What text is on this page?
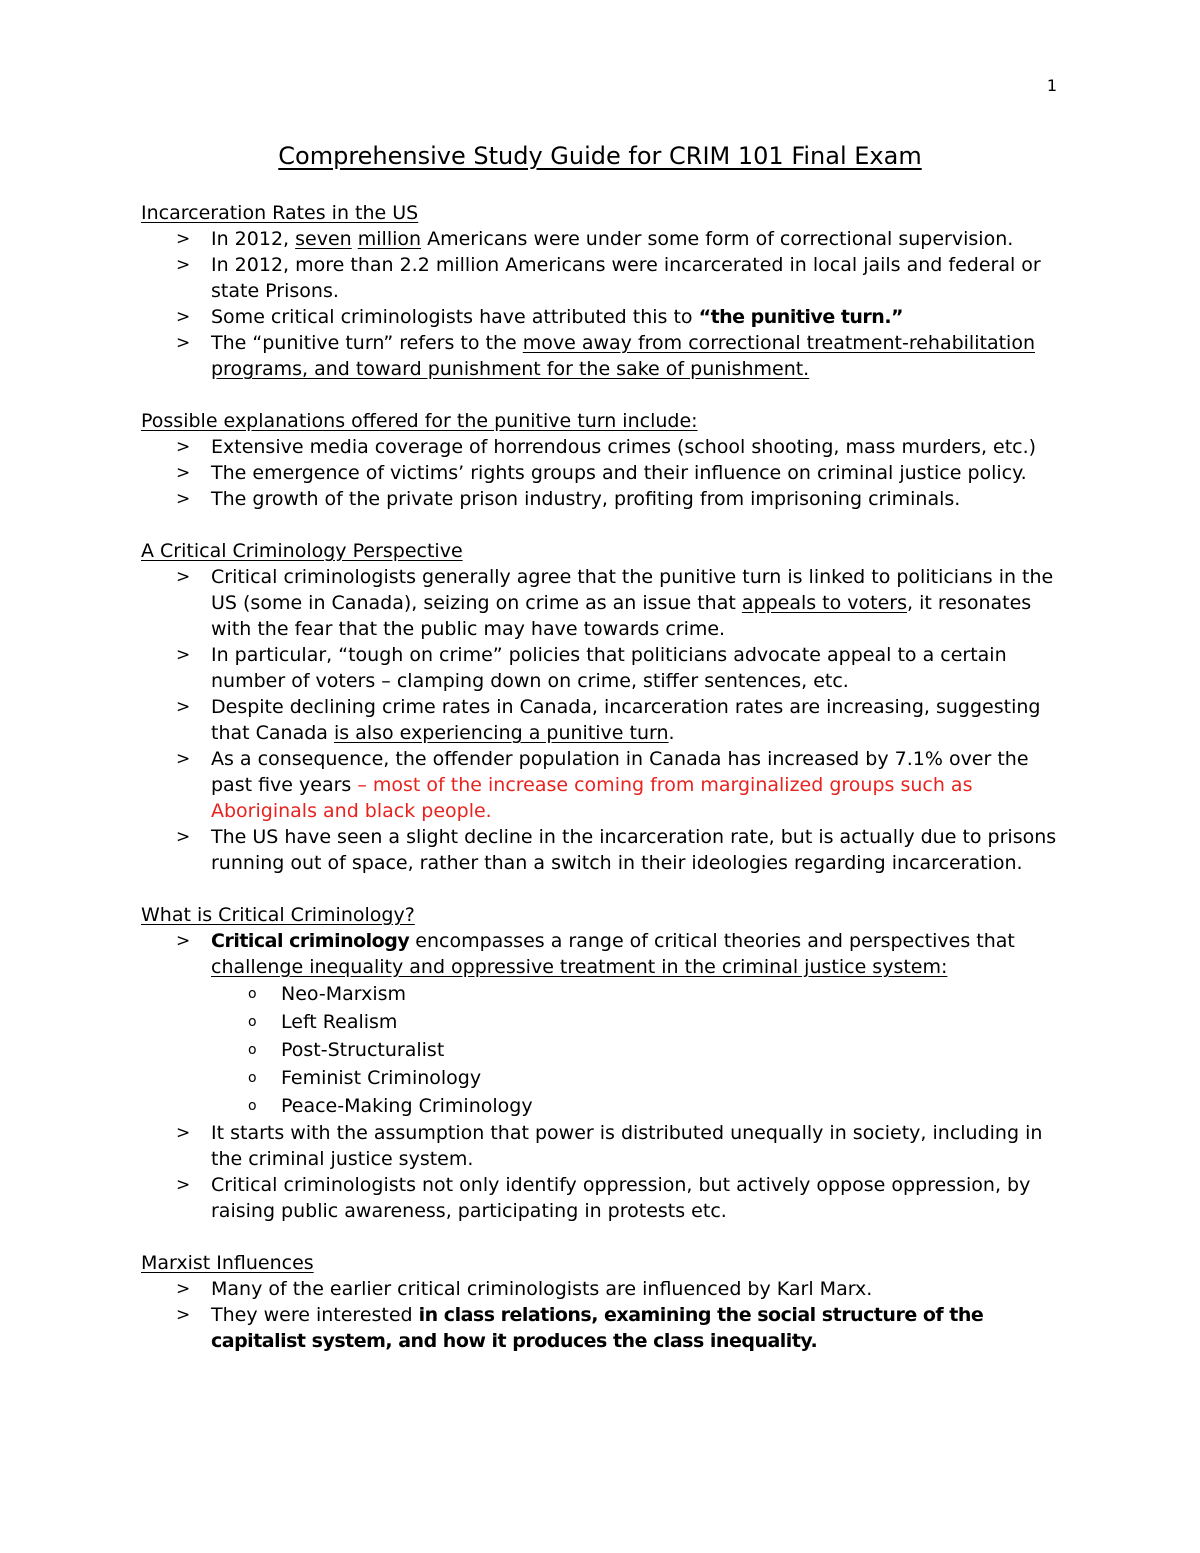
1
Comprehensive Study Guide for CRIM 101 Final Exam
Incarceration Rates in the US
> In 2012, seven million Americans were under some form of correctional supervision.
> In 2012, more than 2.2 million Americans were incarcerated in local jails and federal or state Prisons.
> Some critical criminologists have attributed this to “the punitive turn.”
> The “punitive turn” refers to the move away from correctional treatment-rehabilitation programs, and toward punishment for the sake of punishment.
Possible explanations offered for the punitive turn include:
> Extensive media coverage of horrendous crimes (school shooting, mass murders, etc.)
> The emergence of victims’ rights groups and their influence on criminal justice policy.
> The growth of the private prison industry, profiting from imprisoning criminals.
A Critical Criminology Perspective
> Critical criminologists generally agree that the punitive turn is linked to politicians in the US (some in Canada), seizing on crime as an issue that appeals to voters, it resonates with the fear that the public may have towards crime.
> In particular, “tough on crime” policies that politicians advocate appeal to a certain number of voters – clamping down on crime, stiffer sentences, etc.
> Despite declining crime rates in Canada, incarceration rates are increasing, suggesting that Canada is also experiencing a punitive turn.
> As a consequence, the offender population in Canada has increased by 7.1% over the past five years – most of the increase coming from marginalized groups such as Aboriginals and black people.
> The US have seen a slight decline in the incarceration rate, but is actually due to prisons running out of space, rather than a switch in their ideologies regarding incarceration.
What is Critical Criminology?
> Critical criminology encompasses a range of critical theories and perspectives that challenge inequality and oppressive treatment in the criminal justice system:
o Neo-Marxism
o Left Realism
o Post-Structuralist
o Feminist Criminology
o Peace-Making Criminology
> It starts with the assumption that power is distributed unequally in society, including in the criminal justice system.
> Critical criminologists not only identify oppression, but actively oppose oppression, by raising public awareness, participating in protests etc.
Marxist Influences
> Many of the earlier critical criminologists are influenced by Karl Marx.
> They were interested in class relations, examining the social structure of the capitalist system, and how it produces the class inequality.
